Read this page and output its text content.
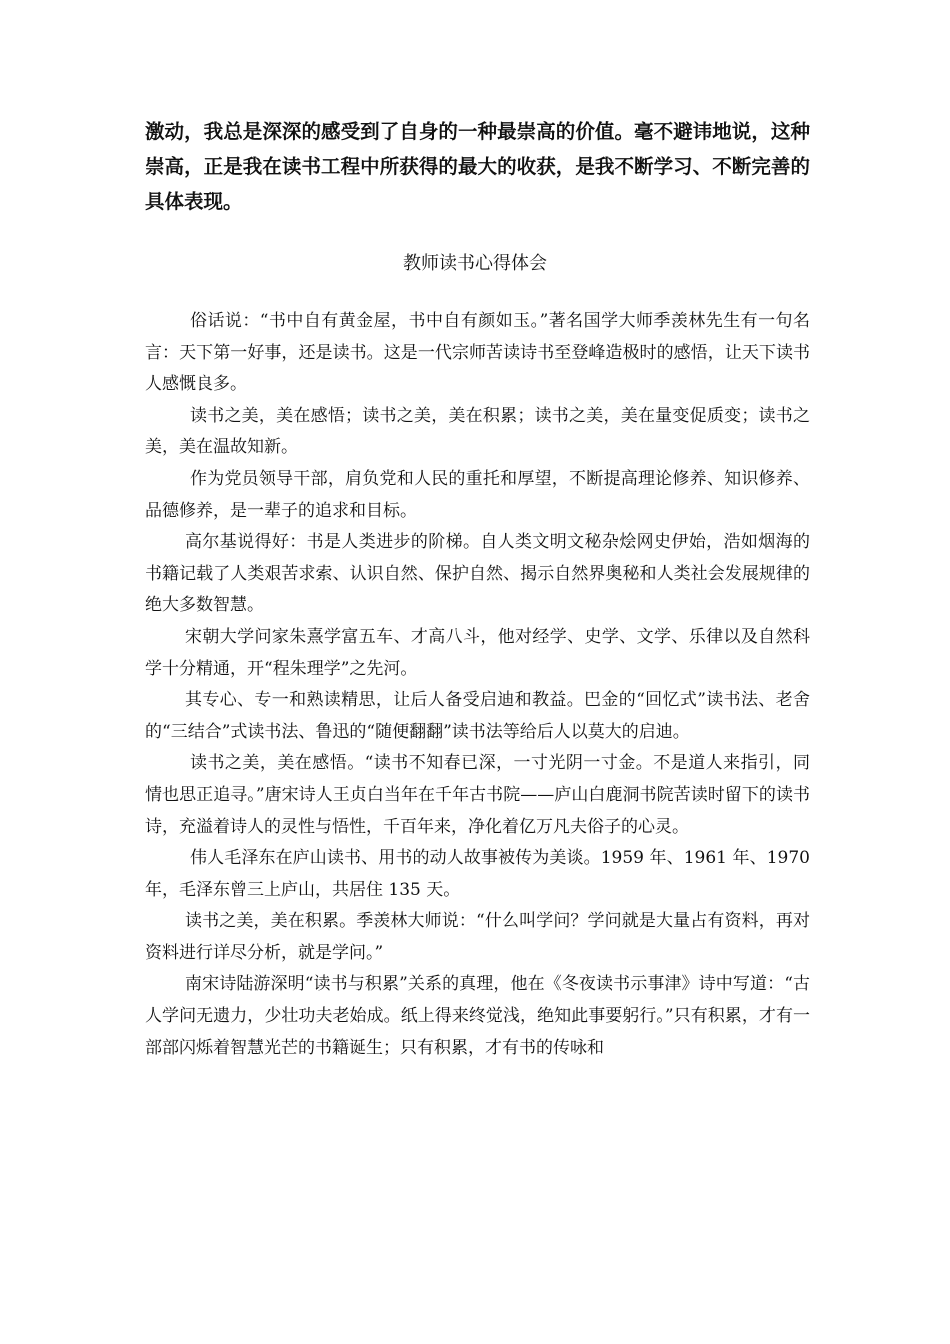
激动，我总是深深的感受到了自身的一种最崇高的价值。毫不避讳地说，这种崇高，正是我在读书工程中所获得的最大的收获，是我不断学习、不断完善的具体表现。
教师读书心得体会

俗话说：“书中自有黄金屋，书中自有颜如玉。”著名国学大师季羡林先生有一句名言：天下第一好事，还是读书。这是一代宗师苦读诗书至登峰造极时的感悟，让天下读书人感慨良多。

读书之美，美在感悟；读书之美，美在积累；读书之美，美在量变促质变；读书之美，美在温故知新。

作为党员领导干部，肩负党和人民的重托和厚望，不断提高理论修养、知识修养、品德修养，是一辈子的追求和目标。

高尔基说得好：书是人类进步的阶梯。自人类文明文秘杂烩网史伊始，浩如烟海的书籍记载了人类艰苦求索、认识自然、保护自然、揭示自然界奥秘和人类社会发展规律的绝大多数智慧。

宋朝大学问家朱熹学富五车、才高八斗，他对经学、史学、文学、乐律以及自然科学十分精通，开“程朱理学”之先河。

其专心、专一和熟读精思，让后人备受启迪和教益。巴金的“回忆式”读书法、老舍的“三结合”式读书法、鲁迅的“随便翻翻”读书法等给后人以莫大的启迪。

读书之美，美在感悟。“读书不知春已深，一寸光阴一寸金。不是道人来指引，同情也思正追寻。”唐宋诗人王贞白当年在千年古书院——庐山白鹿洞书院苦读时留下的读书诗，充溢着诗人的灵性与悟性，千百年来，净化着亿万凡夫俗子的心灵。

伟人毛泽东在庐山读书、用书的动人故事被传为美谈。1959 年、1961 年、1970 年，毛泽东曾三上庐山，共居住 135 天。

读书之美，美在积累。季羡林大师说：“什么叫学问？学问就是大量占有资料，再对资料进行详尽分析，就是学问。”

南宋诗陆游深明“读书与积累”关系的真理，他在《冬夜读书示事津》诗中写道：“古人学问无遗力，少壮功夫老始成。纸上得来终觉浅，绝知此事要躬行。”只有积累，才有一部部闪烁着智慧光芒的书籍诞生；只有积累，才有书的传咏和
